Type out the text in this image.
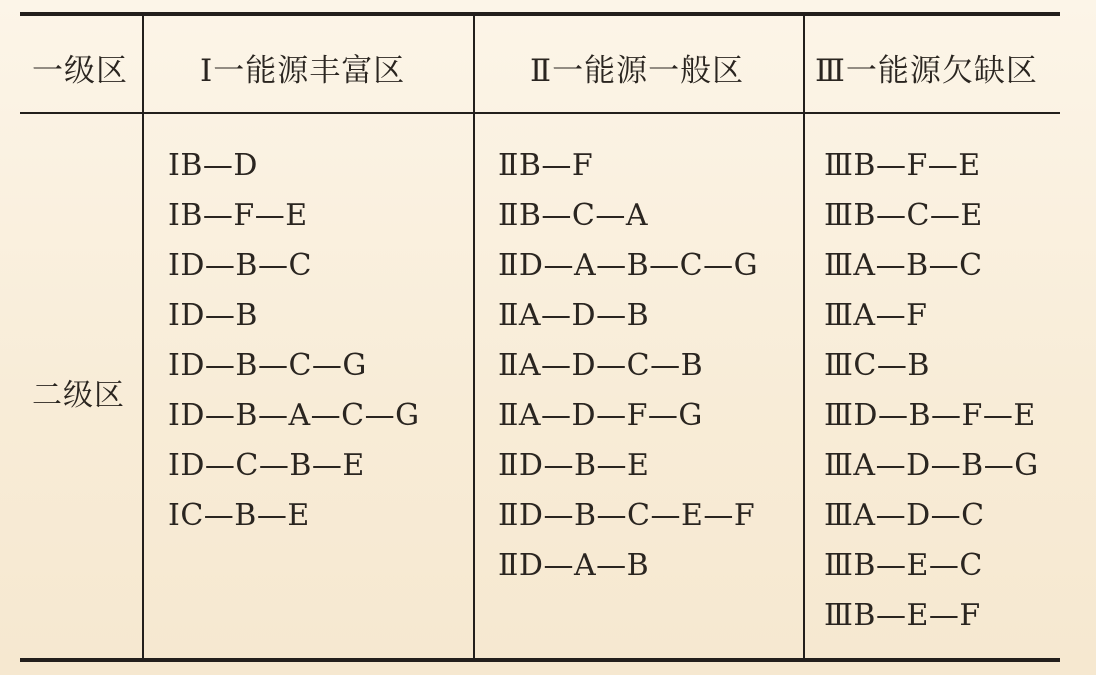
一级区 Ⅰ一能源丰富区	Ⅱ一能源一般区 Ⅲ一能源欠缺区
二级区
ⅠB—D
ⅠB—F—E
ⅠD—B—C
ⅠD—B
ⅠD—B—C—G
ⅠD—B—A—C—G
ⅠD—C—B—E
ⅠC—B—E
ⅡB—F
ⅡB—C—A
ⅡD—A—B—C—G
ⅡA—D—B
ⅡA—D—C—B
ⅡA—D—F—G
ⅡD—B—E
ⅡD—B—C—E—F
ⅡD—A—B
ⅢB—F—E
ⅢB—C—E
ⅢA—B—C
ⅢA—F
ⅢC—B
ⅢD—B—F—E
ⅢA—D—B—G
ⅢA—D—C
ⅢB—E—C
ⅢB—E—F
